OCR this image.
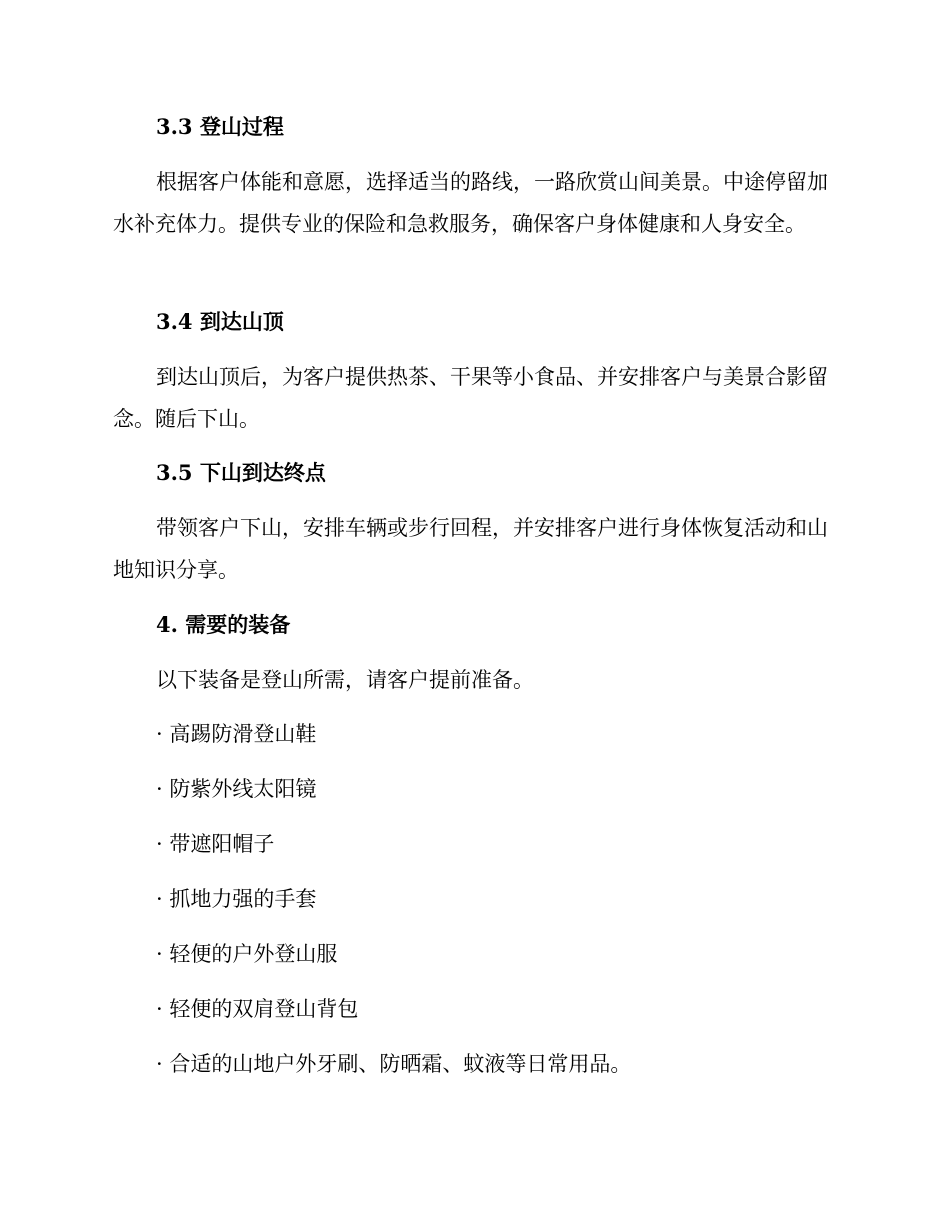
3.3 登山过程

根据客户体能和意愿，选择适当的路线，一路欣赏山间美景。中途停留加水补充体力。提供专业的保险和急救服务，确保客户身体健康和人身安全。

3.4 到达山顶

到达山顶后，为客户提供热茶、干果等小食品、并安排客户与美景合影留念。随后下山。

3.5 下山到达终点

带领客户下山，安排车辆或步行回程，并安排客户进行身体恢复活动和山地知识分享。

4. 需要的装备

以下装备是登山所需，请客户提前准备。

· 高踢防滑登山鞋
· 防紫外线太阳镜
· 带遮阳帽子
· 抓地力强的手套
· 轻便的户外登山服
· 轻便的双肩登山背包
· 合适的山地户外牙刷、防晒霜、蚊液等日常用品。
